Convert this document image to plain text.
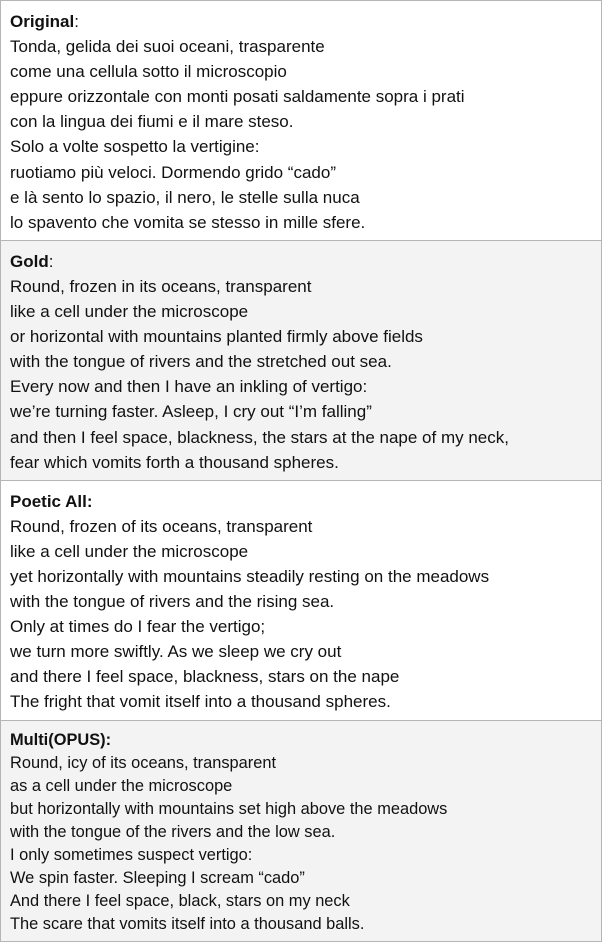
Original:
Tonda, gelida dei suoi oceani, trasparente
come una cellula sotto il microscopio
eppure orizzontale con monti posati saldamente sopra i prati
con la lingua dei fiumi e il mare steso.
Solo a volte sospetto la vertigine:
ruotiamo più veloci. Dormendo grido “cado”
e là sento lo spazio, il nero, le stelle sulla nuca
lo spavento che vomita se stesso in mille sfere.
Gold:
Round, frozen in its oceans, transparent
like a cell under the microscope
or horizontal with mountains planted firmly above fields
with the tongue of rivers and the stretched out sea.
Every now and then I have an inkling of vertigo:
we’re turning faster. Asleep, I cry out “I’m falling”
and then I feel space, blackness, the stars at the nape of my neck,
fear which vomits forth a thousand spheres.
Poetic All:
Round, frozen of its oceans, transparent
like a cell under the microscope
yet horizontally with mountains steadily resting on the meadows
with the tongue of rivers and the rising sea.
Only at times do I fear the vertigo;
we turn more swiftly. As we sleep we cry out
and there I feel space, blackness, stars on the nape
The fright that vomit itself into a thousand spheres.
Multi(OPUS):
Round, icy of its oceans, transparent
as a cell under the microscope
but horizontally with mountains set high above the meadows
with the tongue of the rivers and the low sea.
I only sometimes suspect vertigo:
We spin faster. Sleeping I scream “cado”
And there I feel space, black, stars on my neck
The scare that vomits itself into a thousand balls.
